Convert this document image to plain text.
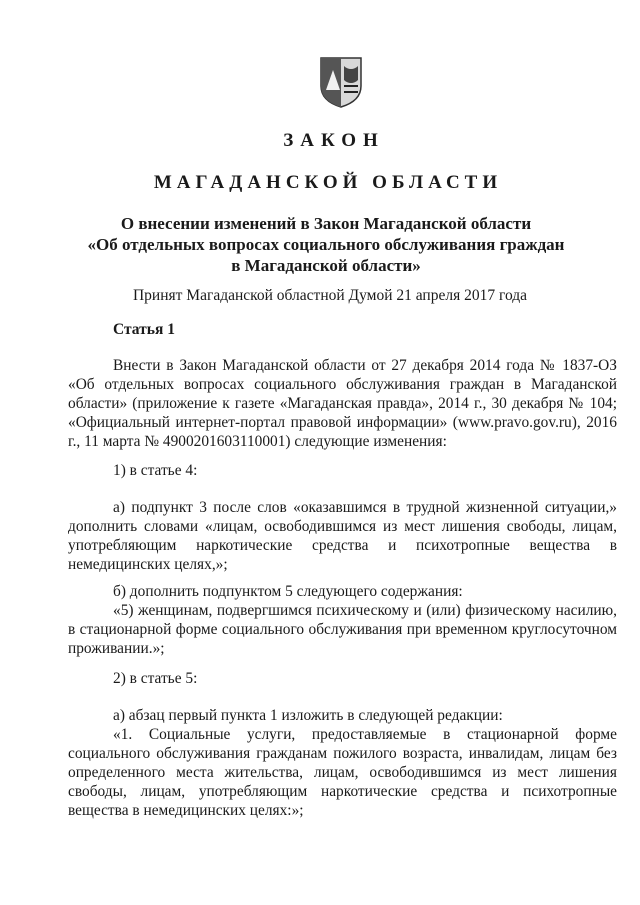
ЗАКОН
МАГАДАНСКОЙ ОБЛАСТИ
О внесении изменений в Закон Магаданской области
«Об отдельных вопросах социального обслуживания граждан
в Магаданской области»
Принят Магаданской областной Думой 21 апреля 2017 года
Статья 1

Внести в Закон Магаданской области от 27 декабря 2014 года № 1837-ОЗ «Об отдельных вопросах социального обслуживания граждан в Магаданской области» (приложение к газете «Магаданская правда», 2014 г., 30 декабря № 104; «Официальный интернет-портал правовой информации» (www.pravo.gov.ru), 2016 г., 11 марта № 4900201603110001) следующие изменения:

1) в статье 4:

а) подпункт 3 после слов «оказавшимся в трудной жизненной ситуации,» дополнить словами «лицам, освободившимся из мест лишения свободы, лицам, употребляющим наркотические средства и психотропные вещества в немедицинских целях,»;

б) дополнить подпунктом 5 следующего содержания:

«5) женщинам, подвергшимся психическому и (или) физическому насилию, в стационарной форме социального обслуживания при временном круглосуточном проживании.»;

2) в статье 5:

а) абзац первый пункта 1 изложить в следующей редакции:

«1. Социальные услуги, предоставляемые в стационарной форме социального обслуживания гражданам пожилого возраста, инвалидам, лицам без определенного места жительства, лицам, освободившимся из мест лишения свободы, лицам, употребляющим наркотические средства и психотропные вещества в немедицинских целях:»;
